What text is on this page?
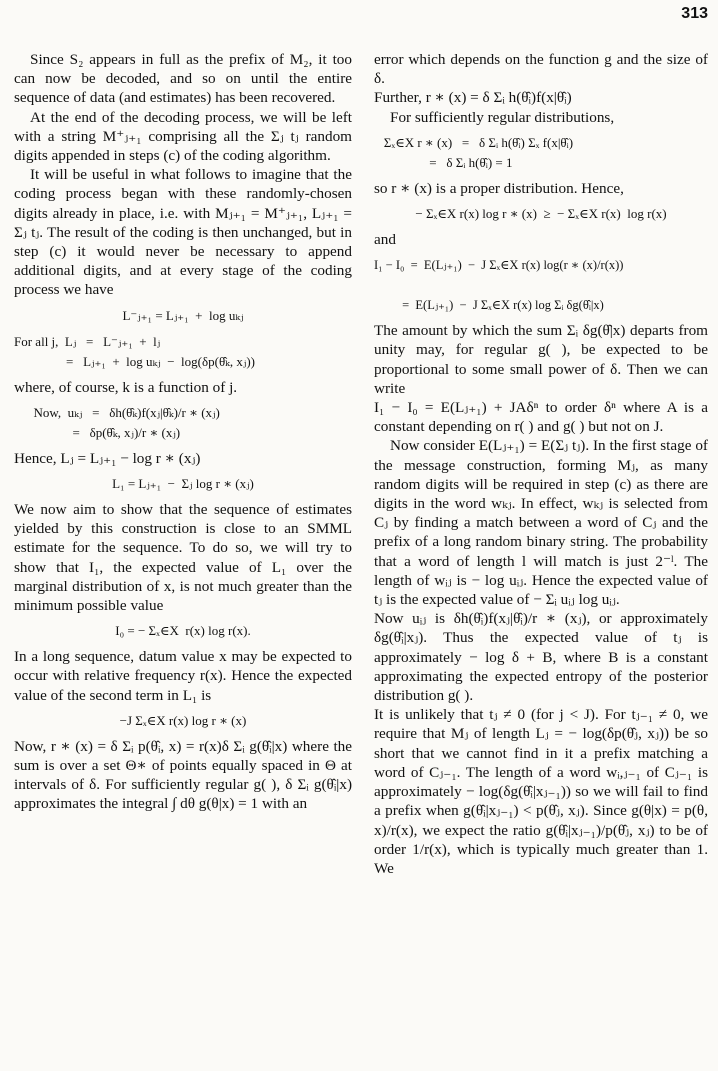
313
Since S₂ appears in full as the prefix of M₂, it too can now be decoded, and so on until the entire sequence of data (and estimates) has been recovered.
At the end of the decoding process, we will be left with a string M⁺ⱼ₊₁ comprising all the Σⱼ tⱼ random digits appended in steps (c) of the coding algorithm.
It will be useful in what follows to imagine that the coding process began with these randomly-chosen digits already in place, i.e. with Mⱼ₊₁ = M⁺ⱼ₊₁, Lⱼ₊₁ = Σⱼ tⱼ. The result of the coding is then unchanged, but in step (c) it would never be necessary to append additional digits, and at every stage of the coding process we have
L⁻ⱼ₊₁ = Lⱼ₊₁  +  log uₖⱼ
For all j,  Lⱼ   =   L⁻ⱼ₊₁  +  lⱼ
=   Lⱼ₊₁  +  log uₖⱼ  −  log(δp(θ̂ₖ, xⱼ))
where, of course, k is a function of j.
Now,  uₖⱼ   =   δh(θ̂ₖ)f(xⱼ|θ̂ₖ)/r ∗ (xⱼ)
=   δp(θ̂ₖ, xⱼ)/r ∗ (xⱼ)
Hence, Lⱼ = Lⱼ₊₁ − log r ∗ (xⱼ)
L₁ = Lⱼ₊₁  −  Σⱼ log r ∗ (xⱼ)
We now aim to show that the sequence of estimates yielded by this construction is close to an SMML estimate for the sequence. To do so, we will try to show that I₁, the expected value of L₁ over the marginal distribution of x, is not much greater than the minimum possible value
I₀ = − Σₓ∈X  r(x) log r(x).
In a long sequence, datum value x may be expected to occur with relative frequency r(x). Hence the expected value of the second term in L₁ is
−J Σₓ∈X r(x) log r ∗ (x)
Now, r ∗ (x) = δ Σᵢ p(θ̂ᵢ, x) = r(x)δ Σᵢ g(θ̂ᵢ|x) where the sum is over a set Θ∗ of points equally spaced in Θ at intervals of δ. For sufficiently regular g( ), δ Σᵢ g(θ̂ᵢ|x) approximates the integral ∫ dθ g(θ|x) = 1 with an
error which depends on the function g and the size of δ.
Further, r ∗ (x) = δ Σᵢ h(θ̂ᵢ)f(x|θ̂ᵢ)
For sufficiently regular distributions,
Σₓ∈X r ∗ (x)   =   δ Σᵢ h(θ̂ᵢ) Σₓ f(x|θ̂ᵢ)
=   δ Σᵢ h(θ̂ᵢ) = 1
so r ∗ (x) is a proper distribution. Hence,
− Σₓ∈X r(x) log r ∗ (x)  ≥  − Σₓ∈X r(x)  log r(x)
and
I₁ − I₀  =  E(Lⱼ₊₁)  −  J Σₓ∈X r(x) log(r ∗ (x)/r(x))

=  E(Lⱼ₊₁)  −  J Σₓ∈X r(x) log Σᵢ δg(θ̂ᵢ|x)
The amount by which the sum Σᵢ δg(θ̂|x) departs from unity may, for regular g( ), be expected to be proportional to some small power of δ. Then we can write
I₁ − I₀ = E(Lⱼ₊₁) + JAδⁿ to order δⁿ where A is a constant depending on r( ) and g( ) but not on J.
Now consider E(Lⱼ₊₁) = E(Σⱼ tⱼ). In the first stage of the message construction, forming Mⱼ, as many random digits will be required in step (c) as there are digits in the word wₖⱼ. In effect, wₖⱼ is selected from Cⱼ by finding a match between a word of Cⱼ and the prefix of a long random binary string. The probability that a word of length l will match is just 2⁻ˡ. The length of wᵢⱼ is − log uᵢⱼ. Hence the expected value of tⱼ is the expected value of − Σᵢ uᵢⱼ log uᵢⱼ.
Now uᵢⱼ is δh(θ̂ᵢ)f(xⱼ|θ̂ᵢ)/r ∗ (xⱼ), or approximately δg(θ̂ᵢ|xⱼ). Thus the expected value of tⱼ is approximately − log δ + B, where B is a constant approximating the expected entropy of the posterior distribution g( ).
It is unlikely that tⱼ ≠ 0 (for j < J). For tⱼ₋₁ ≠ 0, we require that Mⱼ of length Lⱼ = − log(δp(θ̂ⱼ, xⱼ)) be so short that we cannot find in it a prefix matching a word of Cⱼ₋₁. The length of a word wᵢ,ⱼ₋₁ of Cⱼ₋₁ is approximately − log(δg(θ̂ᵢ|xⱼ₋₁)) so we will fail to find a prefix when g(θ̂ᵢ|xⱼ₋₁) < p(θ̂ⱼ, xⱼ). Since g(θ|x) = p(θ, x)/r(x), we expect the ratio g(θ̂ᵢ|xⱼ₋₁)/p(θ̂ⱼ, xⱼ) to be of order 1/r(x), which is typically much greater than 1. We
